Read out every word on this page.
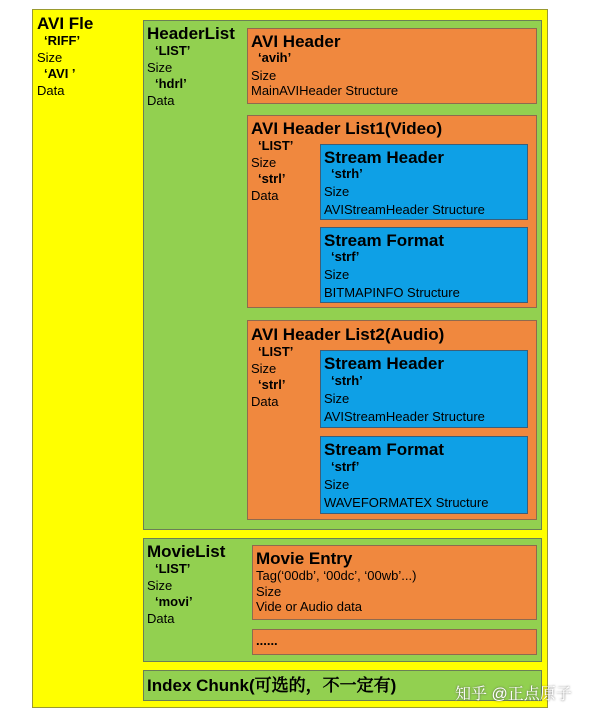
AVI Fle
‘RIFF’
Size
‘AVI ’
Data
HeaderList
‘LIST’
Size
‘hdrl’
Data
AVI Header
‘avih’
Size
MainAVIHeader Structure
AVI Header List1(Video)
‘LIST’
Size
‘strl’
Data
Stream Header
‘strh’
Size
AVIStreamHeader Structure
Stream Format
‘strf’
Size
BITMAPINFO Structure
AVI Header List2(Audio)
‘LIST’
Size
‘strl’
Data
Stream Header
‘strh’
Size
AVIStreamHeader Structure
Stream Format
‘strf’
Size
WAVEFORMATEX Structure
MovieList
‘LIST’
Size
‘movi’
Data
Movie Entry
Tag(‘00db’, ‘00dc’, ‘00wb’...)
Size
Vide or Audio data
......
Index Chunk(可选的，不一定有)	知乎 @正点原子
